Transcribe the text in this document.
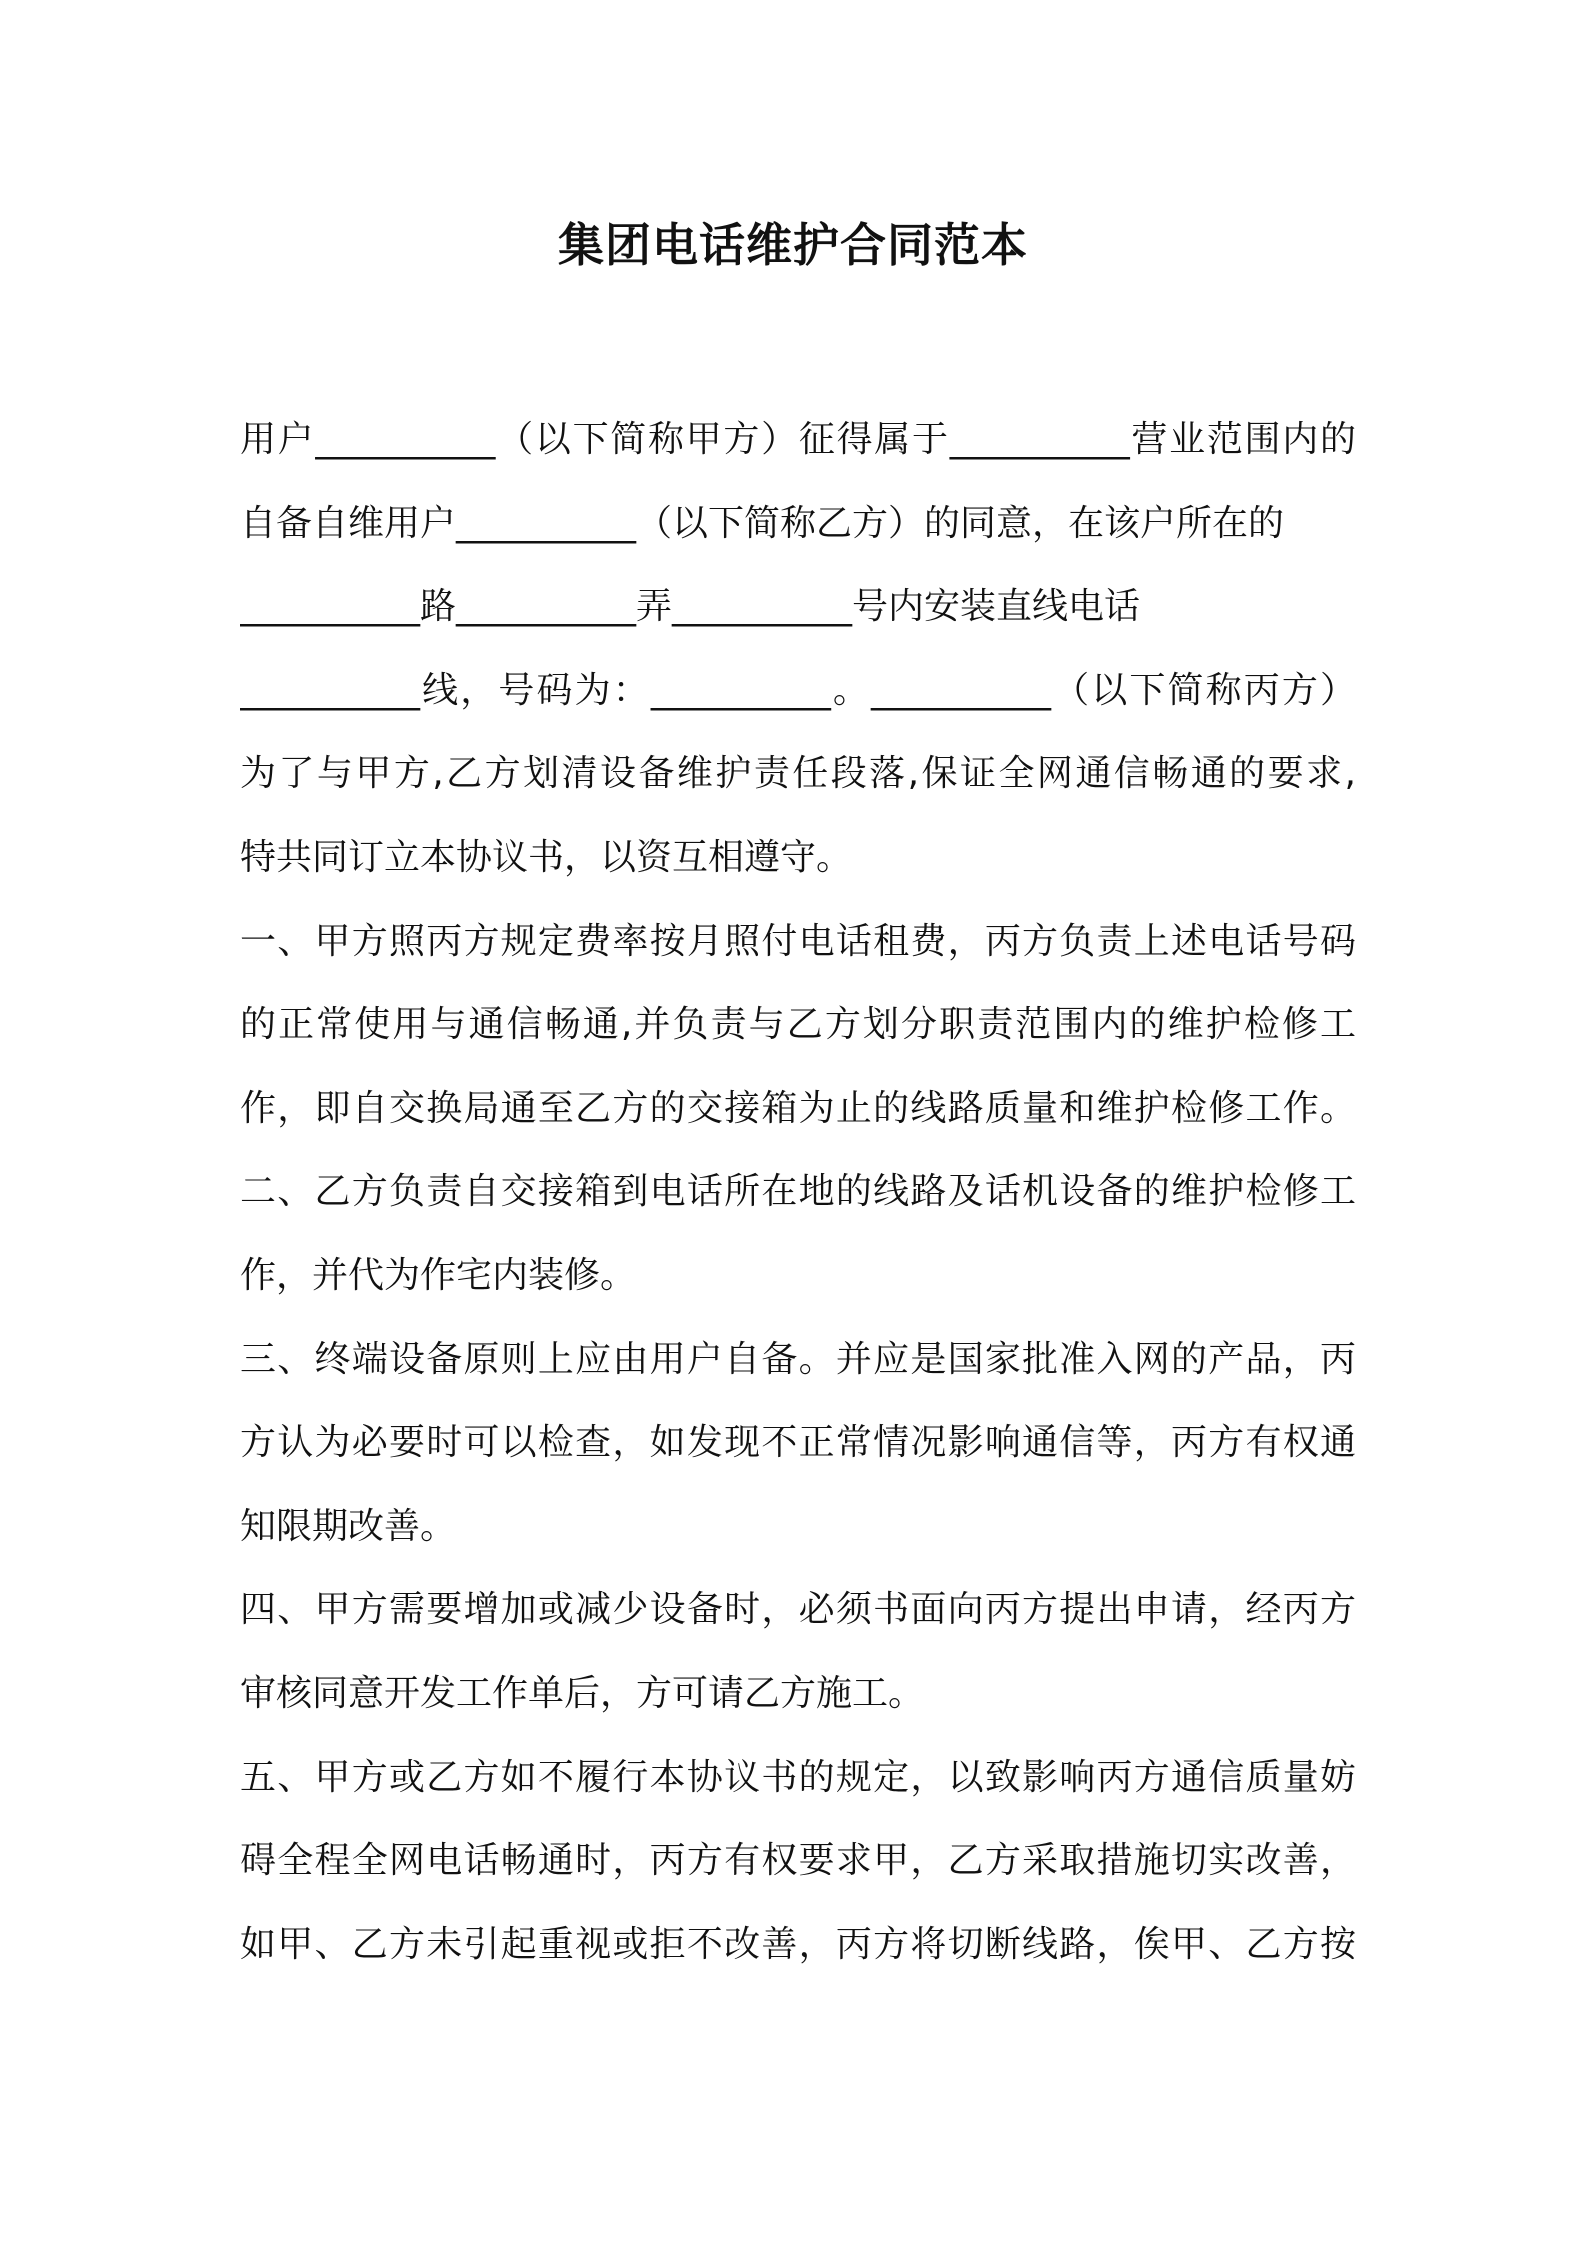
集团电话维护合同范本
用户__________（以下简称甲方）征得属于__________营业范围内的
自备自维用户__________（以下简称乙方）的同意，在该户所在的
__________路__________弄__________号内安装直线电话
__________线，号码为：__________。__________（以下简称丙方）
为了与甲方,乙方划清设备维护责任段落,保证全网通信畅通的要求,
特共同订立本协议书，以资互相遵守。
一、甲方照丙方规定费率按月照付电话租费，丙方负责上述电话号码
的正常使用与通信畅通,并负责与乙方划分职责范围内的维护检修工
作，即自交换局通至乙方的交接箱为止的线路质量和维护检修工作。
二、乙方负责自交接箱到电话所在地的线路及话机设备的维护检修工
作，并代为作宅内装修。
三、终端设备原则上应由用户自备。并应是国家批准入网的产品，丙
方认为必要时可以检查，如发现不正常情况影响通信等，丙方有权通
知限期改善。
四、甲方需要增加或减少设备时，必须书面向丙方提出申请，经丙方
审核同意开发工作单后，方可请乙方施工。
五、甲方或乙方如不履行本协议书的规定，以致影响丙方通信质量妨
碍全程全网电话畅通时，丙方有权要求甲，乙方采取措施切实改善，
如甲、乙方未引起重视或拒不改善，丙方将切断线路，俟甲、乙方按
